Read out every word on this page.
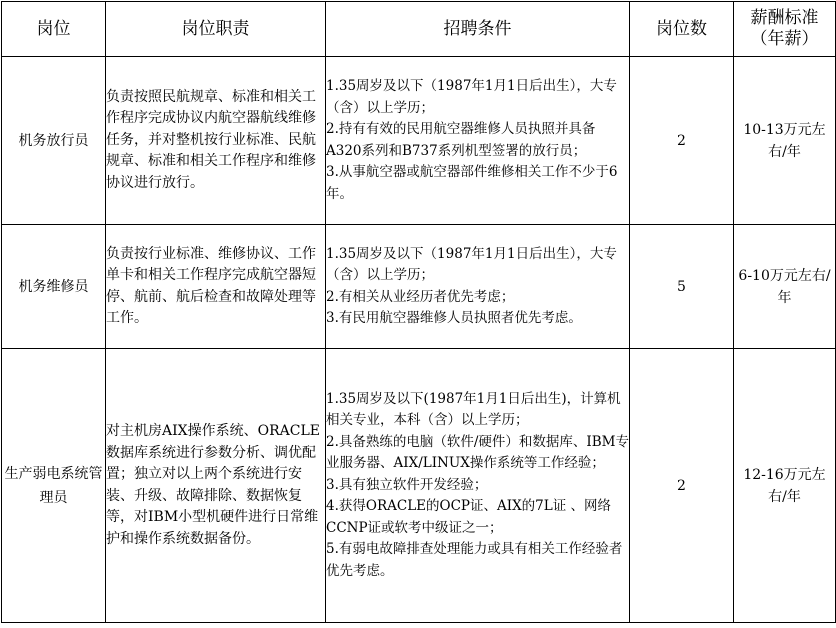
岗位	岗位职责	招聘条件	岗位数	薪酬标准（年薪）

机务放行员	负责按照民航规章、标准和相关工作程序完成协议内航空器航线维修任务，并对整机按行业标准、民航规章、标准和相关工作程序和维修协议进行放行。	1.35周岁及以下（1987年1月1日后出生），大专（含）以上学历；
2.持有有效的民用航空器维修人员执照并具备A320系列和B737系列机型签署的放行员；
3.从事航空器或航空器部件维修相关工作不少于6年。	2	10-13万元左右/年

机务维修员	负责按行业标准、维修协议、工作单卡和相关工作程序完成航空器短停、航前、航后检查和故障处理等工作。	1.35周岁及以下（1987年1月1日后出生），大专（含）以上学历；
2.有相关从业经历者优先考虑；
3.有民用航空器维修人员执照者优先考虑。	5	6-10万元左右/年

生产弱电系统管理员	对主机房AIX操作系统、ORACLE数据库系统进行参数分析、调优配置；独立对以上两个系统进行安装、升级、故障排除、数据恢复等，对IBM小型机硬件进行日常维护和操作系统数据备份。	1.35周岁及以下(1987年1月1日后出生)，计算机相关专业，本科（含）以上学历；
2.具备熟练的电脑（软件/硬件）和数据库、IBM专业服务器、AIX/LINUX操作系统等工作经验；
3.具有独立软件开发经验；
4.获得ORACLE的OCP证、AIX的7L证 、网络CCNP证或软考中级证之一；
5.有弱电故障排查处理能力或具有相关工作经验者优先考虑。	2	12-16万元左右/年
